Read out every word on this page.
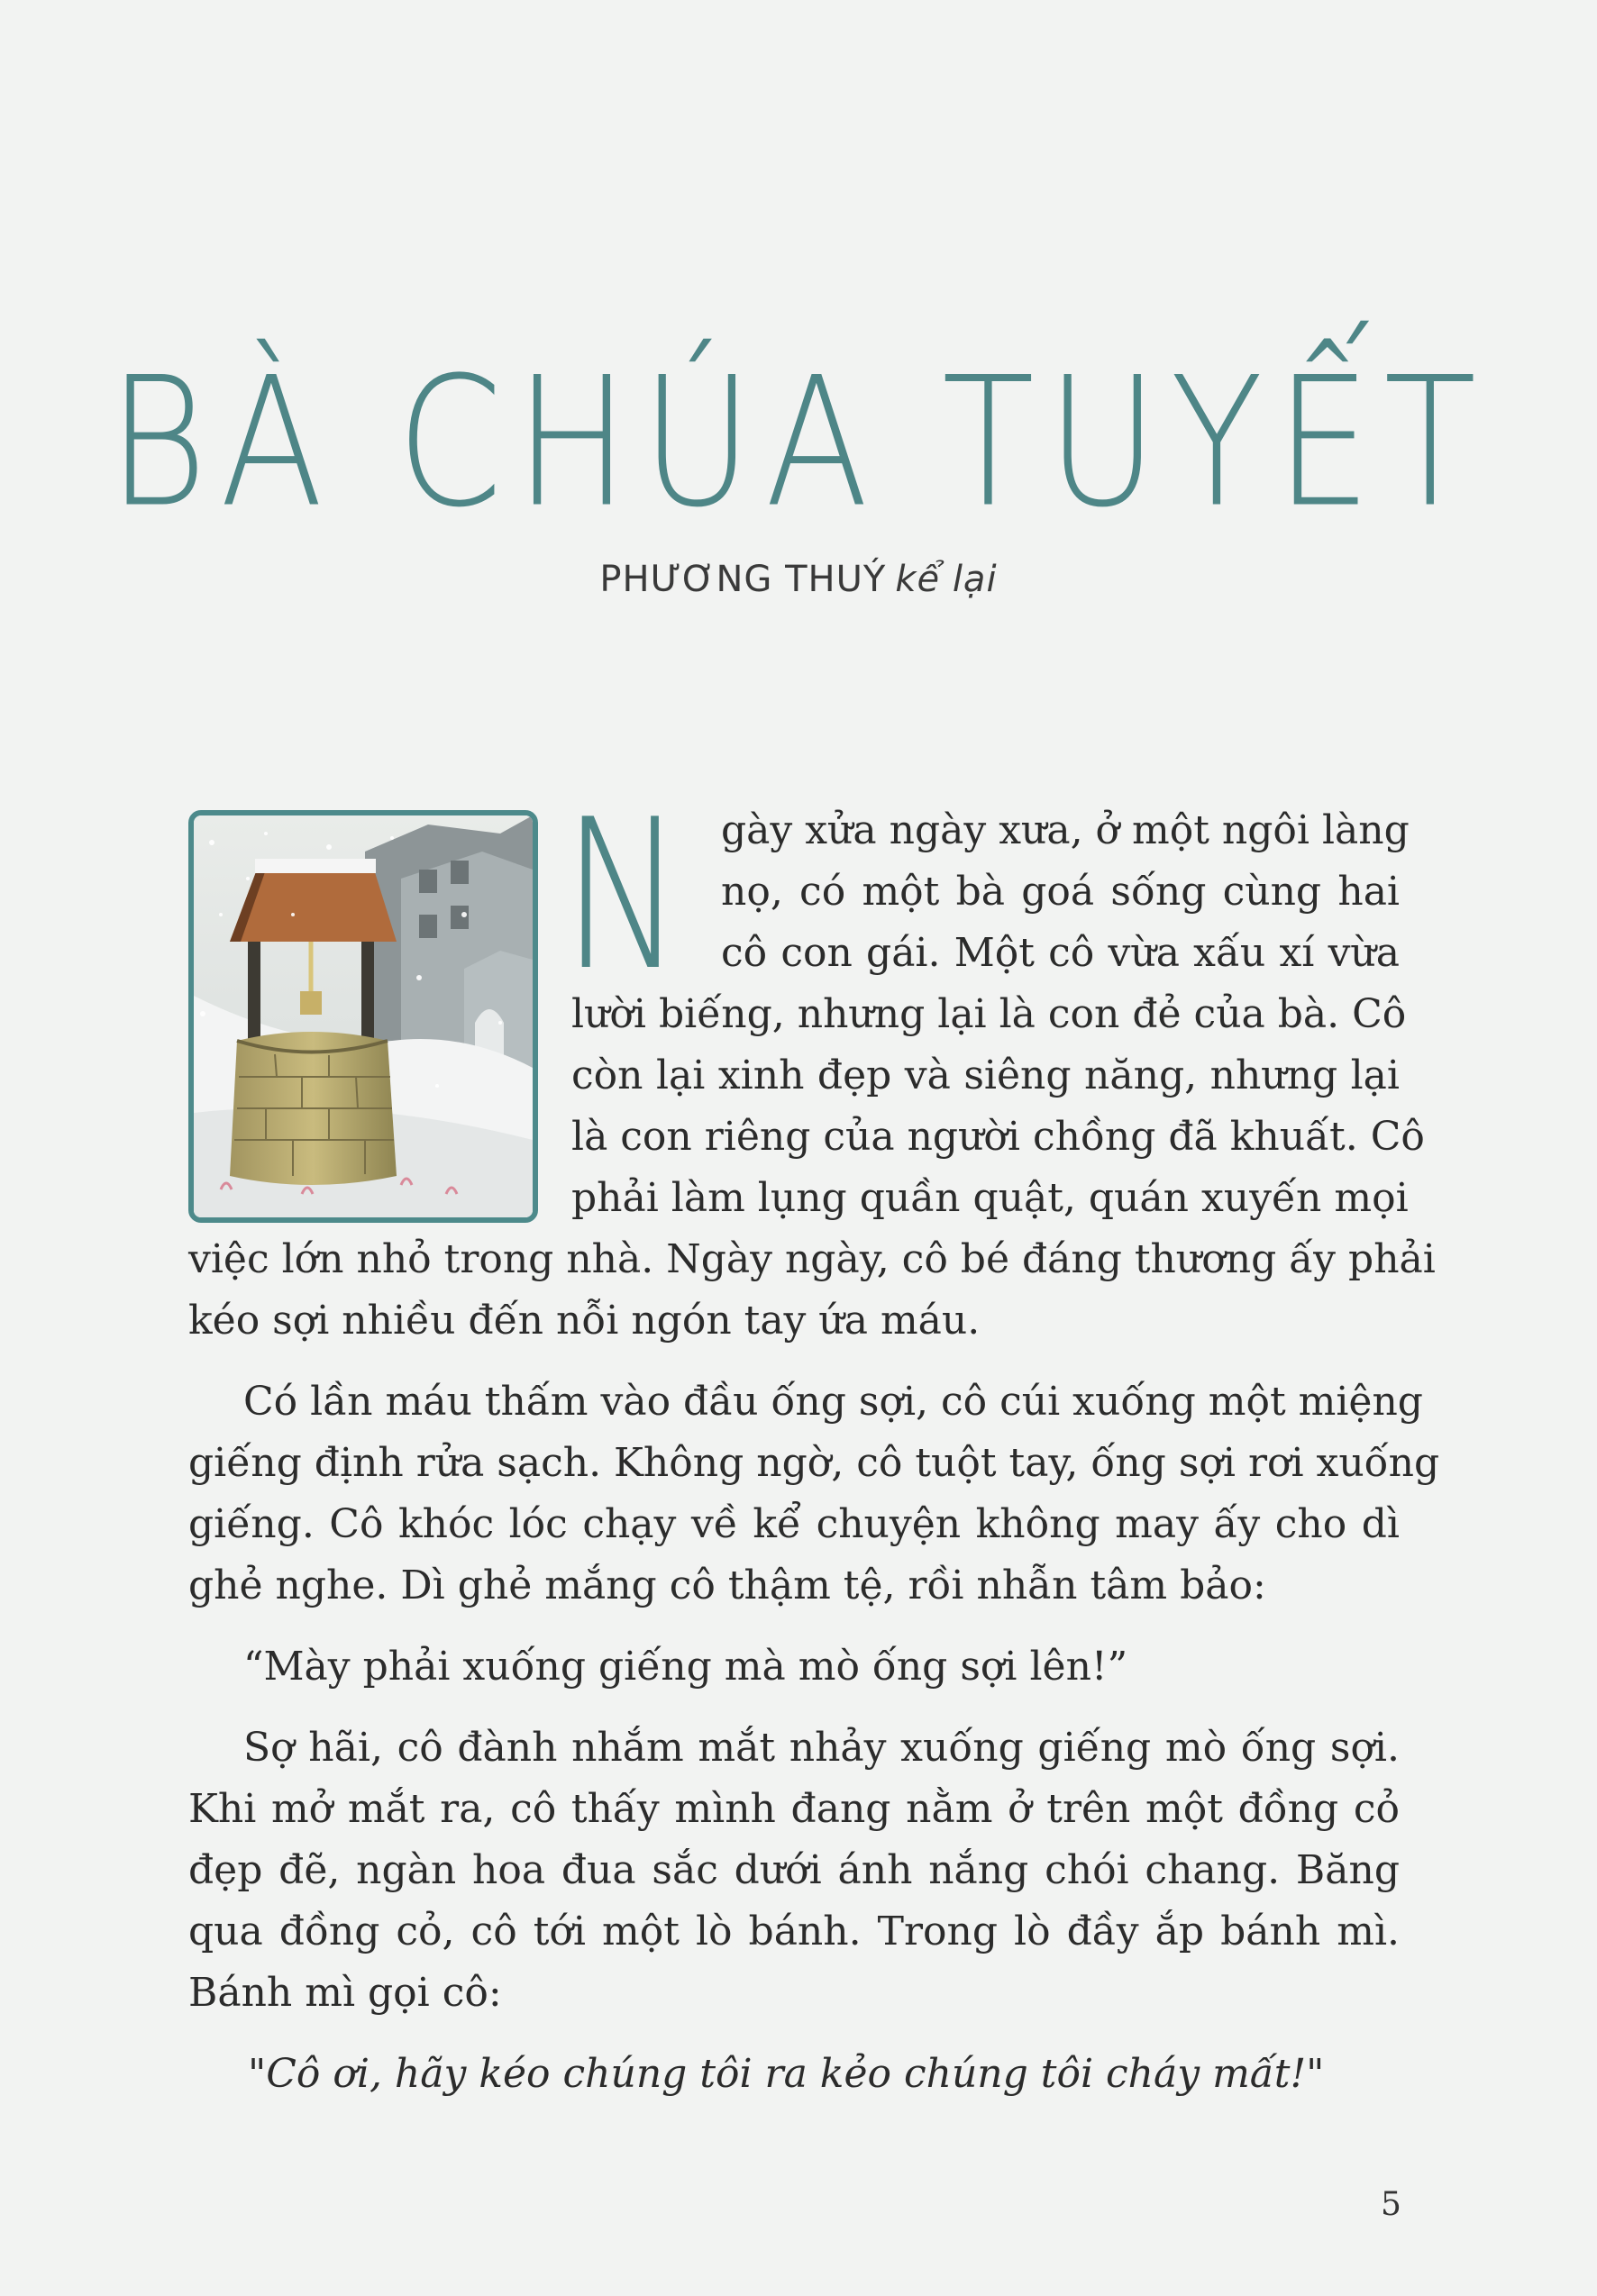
BÀ CHÚA TUYẾT
PHƯƠNG THUÝ kể lại
N gày xửa ngày xưa, ở một ngôi làng
nọ, có một bà goá sống cùng hai
cô con gái. Một cô vừa xấu xí vừa
lười biếng, nhưng lại là con đẻ của bà. Cô
còn lại xinh đẹp và siêng năng, nhưng lại
là con riêng của người chồng đã khuất. Cô
phải làm lụng quần quật, quán xuyến mọi
việc lớn nhỏ trong nhà. Ngày ngày, cô bé đáng thương ấy phải
kéo sợi nhiều đến nỗi ngón tay ứa máu.
Có lần máu thấm vào đầu ống sợi, cô cúi xuống một miệng
giếng định rửa sạch. Không ngờ, cô tuột tay, ống sợi rơi xuống
giếng. Cô khóc lóc chạy về kể chuyện không may ấy cho dì
ghẻ nghe. Dì ghẻ mắng cô thậm tệ, rồi nhẫn tâm bảo:
“Mày phải xuống giếng mà mò ống sợi lên!”
Sợ hãi, cô đành nhắm mắt nhảy xuống giếng mò ống sợi.
Khi mở mắt ra, cô thấy mình đang nằm ở trên một đồng cỏ
đẹp đẽ, ngàn hoa đua sắc dưới ánh nắng chói chang. Băng
qua đồng cỏ, cô tới một lò bánh. Trong lò đầy ắp bánh mì.
Bánh mì gọi cô:
"Cô ơi, hãy kéo chúng tôi ra kẻo chúng tôi cháy mất!"
5
